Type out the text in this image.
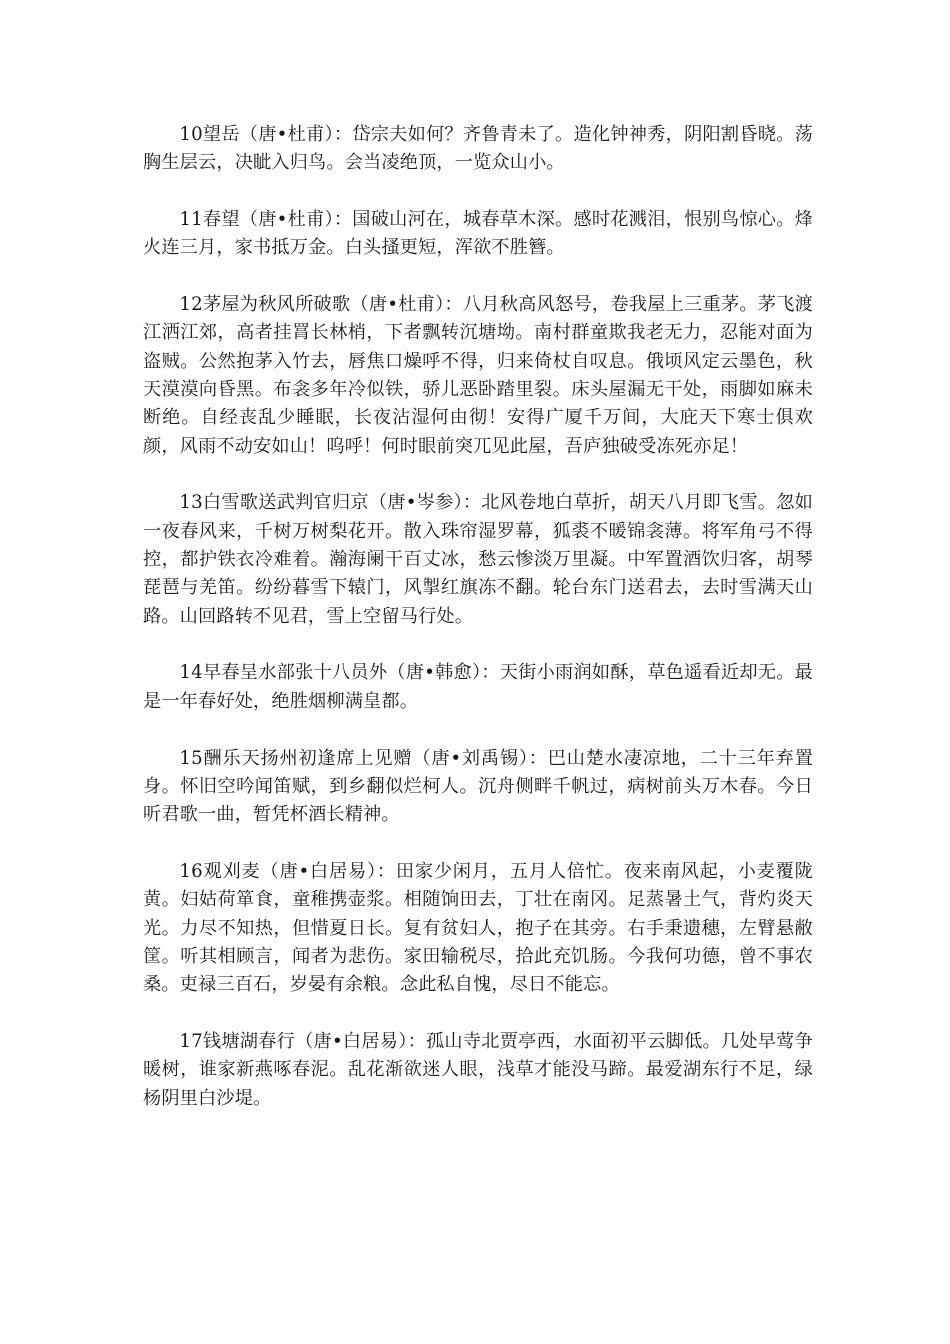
10望岳（唐•杜甫）：岱宗夫如何？齐鲁青未了。造化钟神秀，阴阳割昏晓。荡胸生层云，决眦入归鸟。会当凌绝顶，一览众山小。

11春望（唐•杜甫）：国破山河在，城春草木深。感时花溅泪，恨别鸟惊心。烽火连三月，家书抵万金。白头搔更短，浑欲不胜簪。

12茅屋为秋风所破歌（唐•杜甫）：八月秋高风怒号，卷我屋上三重茅。茅飞渡江洒江郊，高者挂罥长林梢，下者飘转沉塘坳。南村群童欺我老无力，忍能对面为盗贼。公然抱茅入竹去，唇焦口燥呼不得，归来倚杖自叹息。俄顷风定云墨色，秋天漠漠向昏黑。布衾多年冷似铁，骄儿恶卧踏里裂。床头屋漏无干处，雨脚如麻未断绝。自经丧乱少睡眠，长夜沾湿何由彻！安得广厦千万间，大庇天下寒士俱欢颜，风雨不动安如山！呜呼！何时眼前突兀见此屋，吾庐独破受冻死亦足！

13白雪歌送武判官归京（唐•岑参）：北风卷地白草折，胡天八月即飞雪。忽如一夜春风来，千树万树梨花开。散入珠帘湿罗幕，狐裘不暖锦衾薄。将军角弓不得控，都护铁衣冷难着。瀚海阑干百丈冰，愁云惨淡万里凝。中军置酒饮归客，胡琴琵琶与羌笛。纷纷暮雪下辕门，风掣红旗冻不翻。轮台东门送君去，去时雪满天山路。山回路转不见君，雪上空留马行处。

14早春呈水部张十八员外（唐•韩愈）：天街小雨润如酥，草色遥看近却无。最是一年春好处，绝胜烟柳满皇都。

15酬乐天扬州初逢席上见赠（唐•刘禹锡）：巴山楚水凄凉地，二十三年弃置身。怀旧空吟闻笛赋，到乡翻似烂柯人。沉舟侧畔千帆过，病树前头万木春。今日听君歌一曲，暂凭杯酒长精神。

16观刈麦（唐•白居易）：田家少闲月，五月人倍忙。夜来南风起，小麦覆陇黄。妇姑荷箪食，童稚携壶浆。相随饷田去，丁壮在南冈。足蒸暑土气，背灼炎天光。力尽不知热，但惜夏日长。复有贫妇人，抱子在其旁。右手秉遗穗，左臂悬敝筐。听其相顾言，闻者为悲伤。家田输税尽，拾此充饥肠。今我何功德，曾不事农桑。吏禄三百石，岁晏有余粮。念此私自愧，尽日不能忘。

17钱塘湖春行（唐•白居易）：孤山寺北贾亭西，水面初平云脚低。几处早莺争暖树，谁家新燕啄春泥。乱花渐欲迷人眼，浅草才能没马蹄。最爱湖东行不足，绿杨阴里白沙堤。
